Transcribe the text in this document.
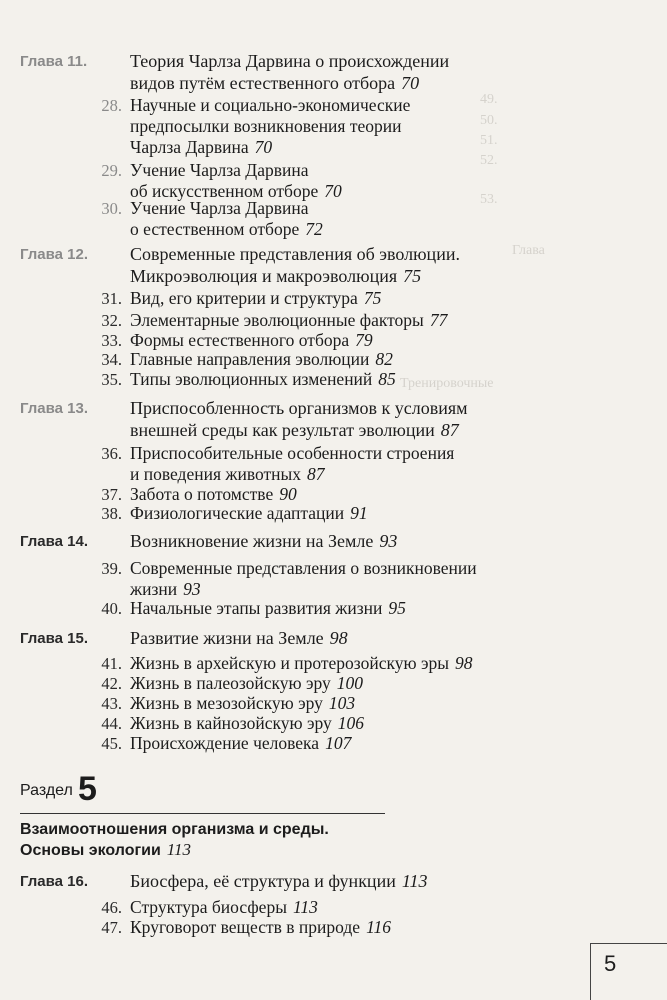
49.
50.
51.
52.
53.
Глава
Тренировочные
Глава 11. Теория Чарлза Дарвина о происхождении
видов путём естественного отбора 70
28. Научные и социально-экономические
предпосылки возникновения теории
Чарлза Дарвина 70
29. Учение Чарлза Дарвина
об искусственном отборе 70
30. Учение Чарлза Дарвина
о естественном отборе 72
Глава 12. Современные представления об эволюции.
Микроэволюция и макроэволюция 75
31. Вид, его критерии и структура 75
32. Элементарные эволюционные факторы 77
33. Формы естественного отбора 79
34. Главные направления эволюции 82
35. Типы эволюционных изменений 85
Глава 13. Приспособленность организмов к условиям
внешней среды как результат эволюции 87
36. Приспособительные особенности строения
и поведения животных 87
37. Забота о потомстве 90
38. Физиологические адаптации 91
Глава 14. Возникновение жизни на Земле 93
39. Современные представления о возникновении
жизни 93
40. Начальные этапы развития жизни 95
Глава 15. Развитие жизни на Земле 98
41. Жизнь в архейскую и протерозойскую эры 98
42. Жизнь в палеозойскую эру 100
43. Жизнь в мезозойскую эру 103
44. Жизнь в кайнозойскую эру 106
45. Происхождение человека 107
Глава 16. Биосфера, её структура и функции 113
46. Структура биосферы 113
47. Круговорот веществ в природе 116
Раздел 5
Взаимоотношения организма и среды.
Основы экологии 113
5
